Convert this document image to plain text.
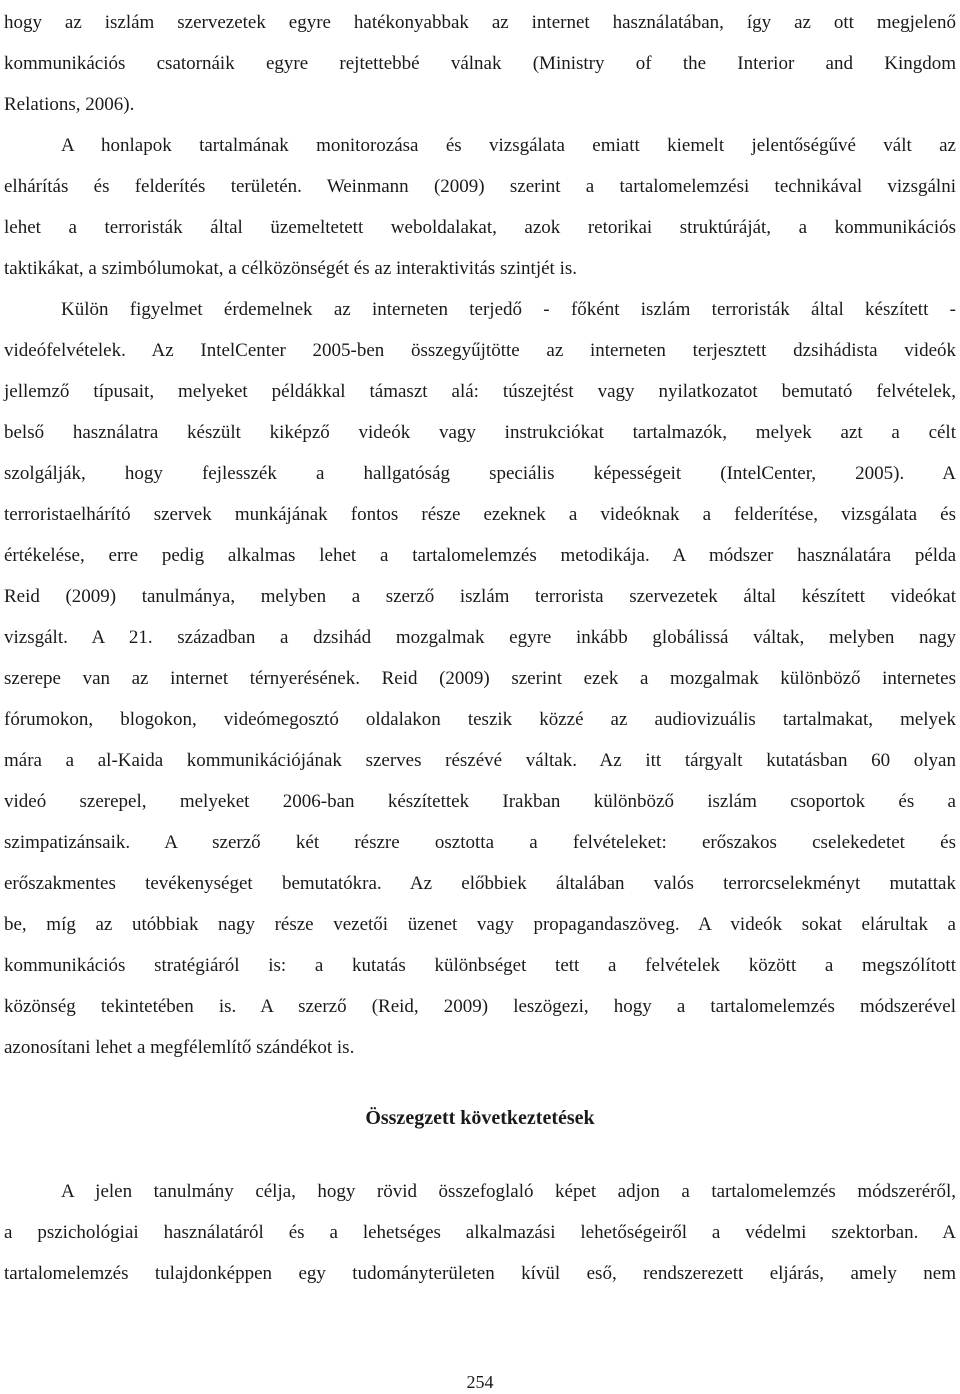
hogy az iszlám szervezetek egyre hatékonyabbak az internet használatában, így az ott megjelenő
kommunikációs csatornáik egyre rejtettebbé válnak (Ministry of the Interior and Kingdom
Relations, 2006).
A honlapok tartalmának monitorozása és vizsgálata emiatt kiemelt jelentőségűvé vált az
elhárítás és felderítés területén. Weinmann (2009) szerint a tartalomelemzési technikával vizsgálni
lehet a terroristák által üzemeltetett weboldalakat, azok retorikai struktúráját, a kommunikációs
taktikákat, a szimbólumokat, a célközönségét és az interaktivitás szintjét is.
Külön figyelmet érdemelnek az interneten terjedő - főként iszlám terroristák által készített -
videófelvételek. Az IntelCenter 2005-ben összegyűjtötte az interneten terjesztett dzsihádista videók
jellemző típusait, melyeket példákkal támaszt alá: túszejtést vagy nyilatkozatot bemutató felvételek,
belső használatra készült kiképző videók vagy instrukciókat tartalmazók, melyek azt a célt
szolgálják, hogy fejlesszék a hallgatóság speciális képességeit (IntelCenter, 2005). A
terroristaelhárító szervek munkájának fontos része ezeknek a videóknak a felderítése, vizsgálata és
értékelése, erre pedig alkalmas lehet a tartalomelemzés metodikája. A módszer használatára példa
Reid (2009) tanulmánya, melyben a szerző iszlám terrorista szervezetek által készített videókat
vizsgált. A 21. században a dzsihád mozgalmak egyre inkább globálissá váltak, melyben nagy
szerepe van az internet térnyerésének. Reid (2009) szerint ezek a mozgalmak különböző internetes
fórumokon, blogokon, videómegosztó oldalakon teszik közzé az audiovizuális tartalmakat, melyek
mára a al-Kaida kommunikációjának szerves részévé váltak. Az itt tárgyalt kutatásban 60 olyan
videó szerepel, melyeket 2006-ban készítettek Irakban különböző iszlám csoportok és a
szimpatizánsaik. A szerző két részre osztotta a felvételeket: erőszakos cselekedetet és
erőszakmentes tevékenységet bemutatókra. Az előbbiek általában valós terrorcselekményt mutattak
be, míg az utóbbiak nagy része vezetői üzenet vagy propagandaszöveg. A videók sokat elárultak a
kommunikációs stratégiáról is: a kutatás különbséget tett a felvételek között a megszólított
közönség tekintetében is. A szerző (Reid, 2009) leszögezi, hogy a tartalomelemzés módszerével
azonosítani lehet a megfélemlítő szándékot is.
Összegzett következtetések
A jelen tanulmány célja, hogy rövid összefoglaló képet adjon a tartalomelemzés módszeréről,
a pszichológiai használatáról és a lehetséges alkalmazási lehetőségeiről a védelmi szektorban. A
tartalomelemzés tulajdonképpen egy tudományterületen kívül eső, rendszerezett eljárás, amely nem
254
